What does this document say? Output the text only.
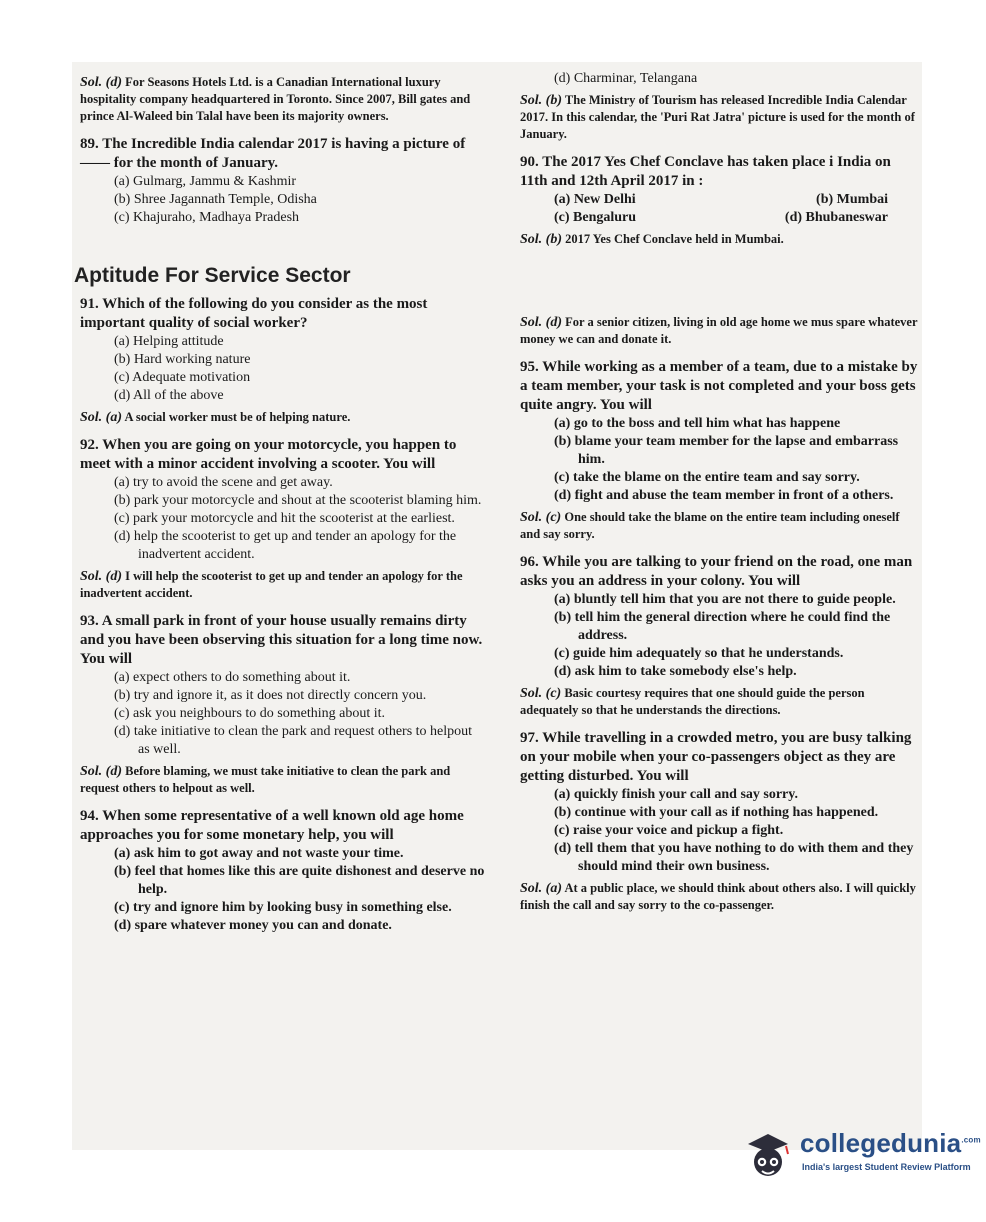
Sol. (d) For Seasons Hotels Ltd. is a Canadian International luxury hospitality company headquartered in Toronto. Since 2007, Bill gates and prince Al-Waleed bin Talal have been its majority owners.
89. The Incredible India calendar 2017 is having a picture of —— for the month of January.
(a) Gulmarg, Jammu & Kashmir
(b) Shree Jagannath Temple, Odisha
(c) Khajuraho, Madhaya Pradesh
Aptitude For Service Sector
91. Which of the following do you consider as the most important quality of social worker?
(a) Helping attitude
(b) Hard working nature
(c) Adequate motivation
(d) All of the above
Sol. (a) A social worker must be of helping nature.
92. When you are going on your motorcycle, you happen to meet with a minor accident involving a scooter. You will
(a) try to avoid the scene and get away.
(b) park your motorcycle and shout at the scooterist blaming him.
(c) park your motorcycle and hit the scooterist at the earliest.
(d) help the scooterist to get up and tender an apology for the inadvertent accident.
Sol. (d) I will help the scooterist to get up and tender an apology for the inadvertent accident.
93. A small park in front of your house usually remains dirty and you have been observing this situation for a long time now. You will
(a) expect others to do something about it.
(b) try and ignore it, as it does not directly concern you.
(c) ask you neighbours to do something about it.
(d) take initiative to clean the park and request others to helpout as well.
Sol. (d) Before blaming, we must take initiative to clean the park and request others to helpout as well.
94. When some representative of a well known old age home approaches you for some monetary help, you will
(a) ask him to got away and not waste your time.
(b) feel that homes like this are quite dishonest and deserve no help.
(c) try and ignore him by looking busy in something else.
(d) spare whatever money you can and donate.
(d) Charminar, Telangana
Sol. (b) The Ministry of Tourism has released Incredible India Calendar 2017. In this calendar, the 'Puri Rat Jatra' picture is used for the month of January.
90. The 2017 Yes Chef Conclave has taken place i India on 11th and 12th April 2017 in :
(a) New Delhi	(b) Mumbai
(c) Bengaluru	(d) Bhubaneswar
Sol. (b) 2017 Yes Chef Conclave held in Mumbai.
Sol. (d) For a senior citizen, living in old age home we mus spare whatever money we can and donate it.
95. While working as a member of a team, due to a mistake by a team member, your task is not completed and your boss gets quite angry. You will
(a) go to the boss and tell him what has happene
(b) blame your team member for the lapse and embarrass him.
(c) take the blame on the entire team and say sorry.
(d) fight and abuse the team member in front of a others.
Sol. (c) One should take the blame on the entire team including oneself and say sorry.
96. While you are talking to your friend on the road, one man asks you an address in your colony. You will
(a) bluntly tell him that you are not there to guide people.
(b) tell him the general direction where he could find the address.
(c) guide him adequately so that he understands.
(d) ask him to take somebody else's help.
Sol. (c) Basic courtesy requires that one should guide the person adequately so that he understands the directions.
97. While travelling in a crowded metro, you are busy talking on your mobile when your co-passengers object as they are getting disturbed. You will
(a) quickly finish your call and say sorry.
(b) continue with your call as if nothing has happened.
(c) raise your voice and pickup a fight.
(d) tell them that you have nothing to do with them and they should mind their own business.
Sol. (a) At a public place, we should think about others also. I will quickly finish the call and say sorry to the co-passenger.
collegedunia$^{.com}$
India's largest Student Review Platform
